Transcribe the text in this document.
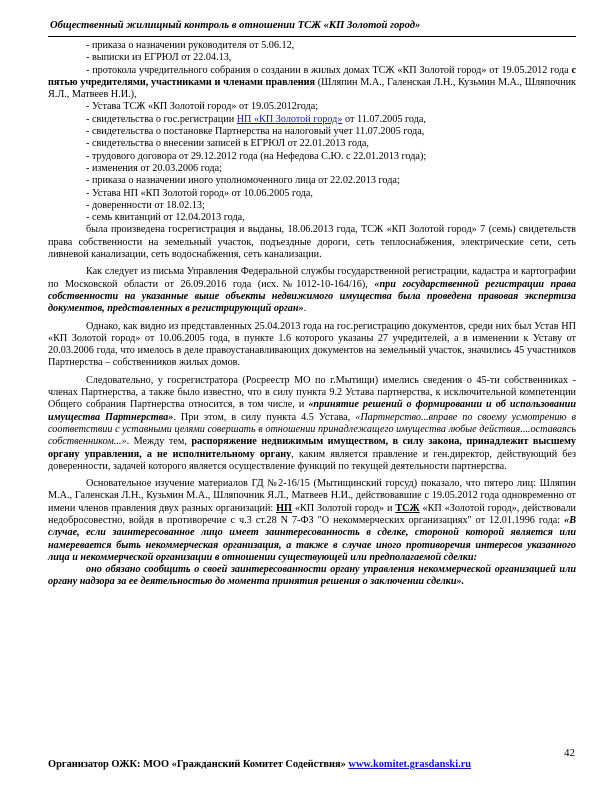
Общественный жилищный контроль в отношении ТСЖ «КП Золотой город»

- приказа о назначении руководителя от 5.06.12,

- выписки из ЕГРЮЛ от 22.04.13,

- протокола учредительного собрания о создании в жилых домах ТСЖ «КП Золотой город» от 19.05.2012 года с пятью учредителями, участниками и членами правления (Шляпин М.А., Галенская Л.Н., Кузьмин М.А., Шляпочник Я.Л., Матвеев Н.И.),

- Устава ТСЖ «КП Золотой город» от 19.05.2012года;

- свидетельства о гос.регистрации НП «КП Золотой город» от 11.07.2005 года,

- свидетельства о постановке Партнерства на налоговый учет 11.07.2005 года,

- свидетельства о внесении записей в ЕГРЮЛ от 22.01.2013 года,

- трудового договора от 29.12.2012 года (на Нефедова С.Ю. с 22.01.2013 года);

- изменения от 20.03.2006 года;

- приказа о назначении иного уполномоченного лица от 22.02.2013 года;

- Устава НП «КП Золотой город» от 10.06.2005 года,

- доверенности от 18.02.13;

- семь квитанций от 12.04.2013 года,

была произведена госрегистрация и выданы, 18.06.2013 года, ТСЖ «КП Золотой город» 7 (семь) свидетельств права собственности на земельный участок, подъездные дороги, сеть теплоснабжения, электрические сети, сеть ливневой канализации, сеть водоснабжения, сеть канализации.

Как следует из письма Управления Федеральной службы государственной регистрации, кадастра и картографии по Московской области от 26.09.2016 года (исх.№1012-10-164/16), «при государственной регистрации права собственности на указанные выше объекты недвижимого имущества была проведена правовая экспертиза документов, представленных в регистрирующий орган».

Однако, как видно из представленных 25.04.2013 года на гос.регистрацию документов, среди них был Устав НП «КП Золотой город» от 10.06.2005 года, в пункте 1.6 которого указаны 27 учредителей, а в изменении к Уставу от 20.03.2006 года, что имелось в деле правоустанавливающих документов на земельный участок, значились 45 участников Партнерства – собственников жилых домов.

Следовательно, у госрегистратора (Росреестр МО по г.Мытищи) имелись сведения о 45-ти собственниках - членах Партнерства, а также было известно, что в силу пункта 9.2 Устава партнерства, к исключительной компетенции Общего собрания Партнерства относится, в том числе, и «принятие решений о формировании и об использовании имущества Партнерства». При этом, в силу пункта 4.5 Устава, «Партнерство...вправе по своему усмотрению в соответствии с уставными целями совершать в отношении принадлежащего имущества любые действия....оставаясь собственником...». Между тем, распоряжение недвижимым имуществом, в силу закона, принадлежит высшему органу управления, а не исполнительному органу, каким является правление и ген.директор, действующий без доверенности, задачей которого является осуществление функций по текущей деятельности партнерства.

Основательное изучение материалов ГД №2-16/15 (Мытищинский горсуд) показало, что пятеро лиц: Шляпин М.А., Галенская Л.Н., Кузьмин М.А., Шляпочник Я.Л., Матвеев Н.И., действовавшие с 19.05.2012 года одновременно от имени членов правления двух разных организаций: НП «КП Золотой город» и ТСЖ «КП «Золотой город», действовали недобросовестно, войдя в противоречие с ч.3 ст.28 N 7-ФЗ "О некоммерческих организациях" от 12.01.1996 года: «В случае, если заинтересованное лицо имеет заинтересованность в сделке, стороной которой является или намеревается быть некоммерческая организация, а также в случае иного противоречия интересов указанного лица и некоммерческой организации в отношении существующей или предполагаемой сделки:

оно обязано сообщить о своей заинтересованности органу управления некоммерческой организацией или органу надзора за ее деятельностью до момента принятия решения о заключении сделки».

42
Организатор ОЖК: МОО «Гражданский Комитет Содействия» www.komitet.grasdanski.ru
